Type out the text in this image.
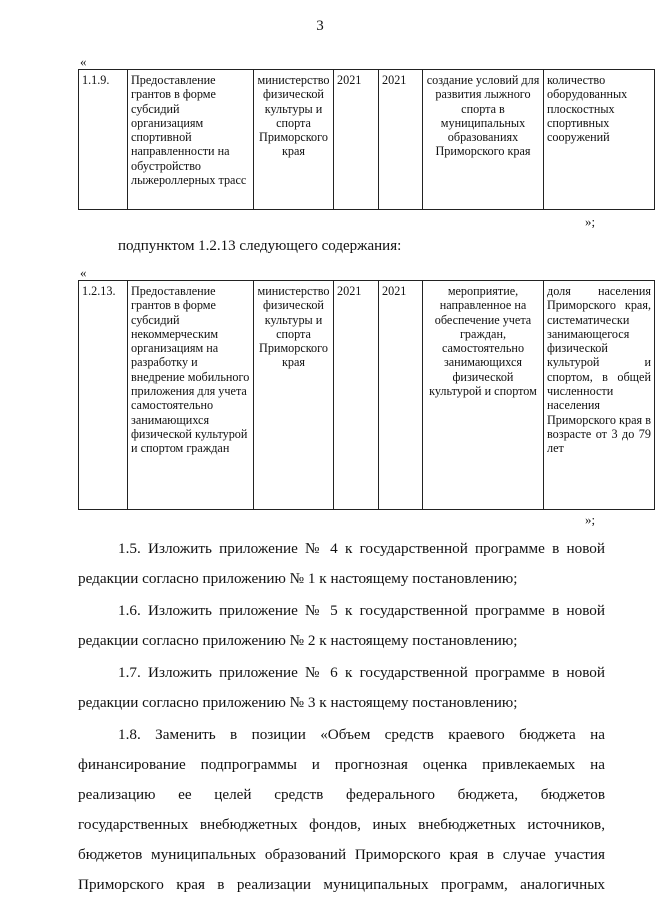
3
«
1.1.9.	Предоставление грантов в форме субсидий организациям спортивной направленности на обустройство лыжероллерных трасс	министерство физической культуры и спорта Приморского края	2021	2021	создание условий для развития лыжного спорта в муниципальных образованиях Приморского края	количество оборудованных плоскостных спортивных сооружений
»;
подпунктом 1.2.13 следующего содержания:
«
1.2.13.	Предоставление грантов в форме субсидий некоммерческим организациям на разработку и внедрение мобильного приложения для учета самостоятельно занимающихся физической культурой и спортом граждан	министерство физической культуры и спорта Приморского края	2021	2021	мероприятие, направленное на обеспечение учета граждан, самостоятельно занимающихся физической культурой и спортом	доля населения Приморского края, систематически занимающегося физической культурой и спортом, в общей численности населения Приморского края в возрасте от 3 до 79 лет
»;

1.5. Изложить приложение № 4 к государственной программе в новой

редакции согласно приложению № 1 к настоящему постановлению;

1.6. Изложить приложение № 5 к государственной программе в новой

редакции согласно приложению № 2 к настоящему постановлению;

1.7. Изложить приложение № 6 к государственной программе в новой

редакции согласно приложению № 3 к настоящему постановлению;

1.8. Заменить в позиции «Объем средств краевого бюджета на

финансирование подпрограммы и прогнозная оценка привлекаемых на

реализацию ее целей средств федерального бюджета, бюджетов

государственных внебюджетных фондов, иных внебюджетных источников,

бюджетов муниципальных образований Приморского края в случае участия

Приморского края в реализации муниципальных программ, аналогичных
